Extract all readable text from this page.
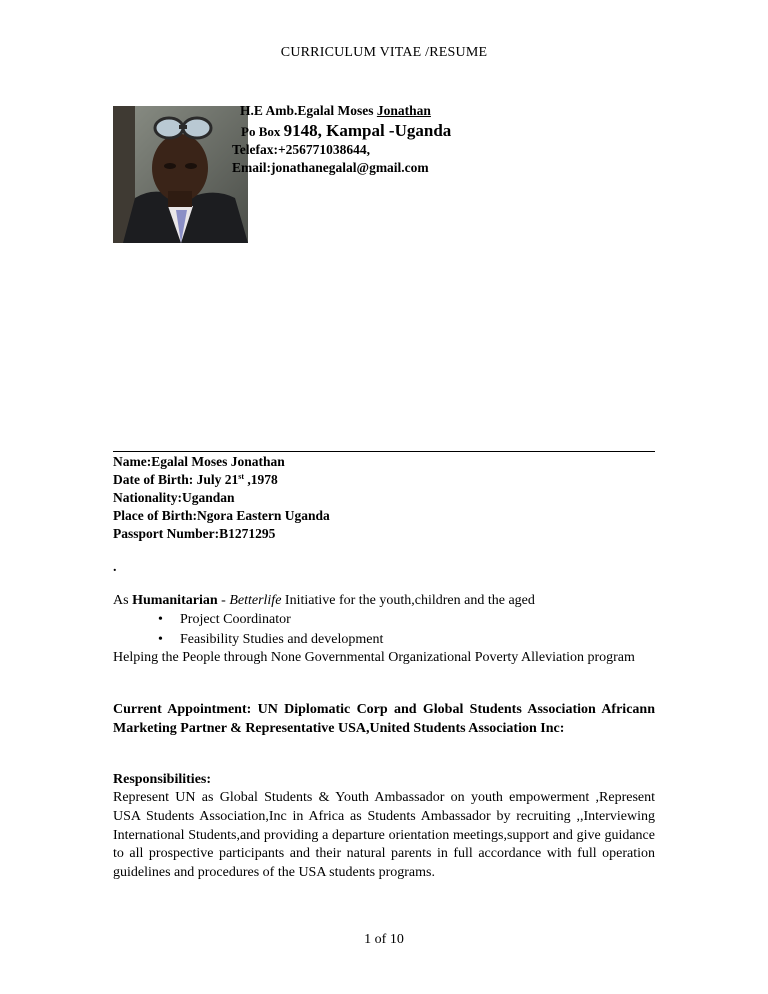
CURRICULUM VITAE /RESUME
H.E Amb.Egalal Moses Jonathan
Po Box 9148, Kampal -Uganda
Telefax:+256771038644,
Email:jonathanegalal@gmail.com
Name:Egalal Moses Jonathan
Date of Birth: July 21st ,1978
Nationality:Ugandan
Place of Birth:Ngora Eastern Uganda
Passport Number:B1271295
.
As Humanitarian - Betterlife Initiative for the youth,children and the aged
• Project Coordinator
• Feasibility Studies and development
Helping the People through None Governmental Organizational Poverty Alleviation program
Current Appointment: UN Diplomatic Corp and Global Students Association Africann Marketing Partner & Representative USA,United Students Association Inc:
Responsibilities:
Represent UN as Global Students & Youth Ambassador on youth empowerment ,Represent USA Students Association,Inc in Africa as Students Ambassador by recruiting ,,Interviewing International Students,and providing a departure orientation meetings,support and give guidance to all prospective participants and their natural parents in full accordance with full operation guidelines and procedures of the USA students programs.
1 of 10
